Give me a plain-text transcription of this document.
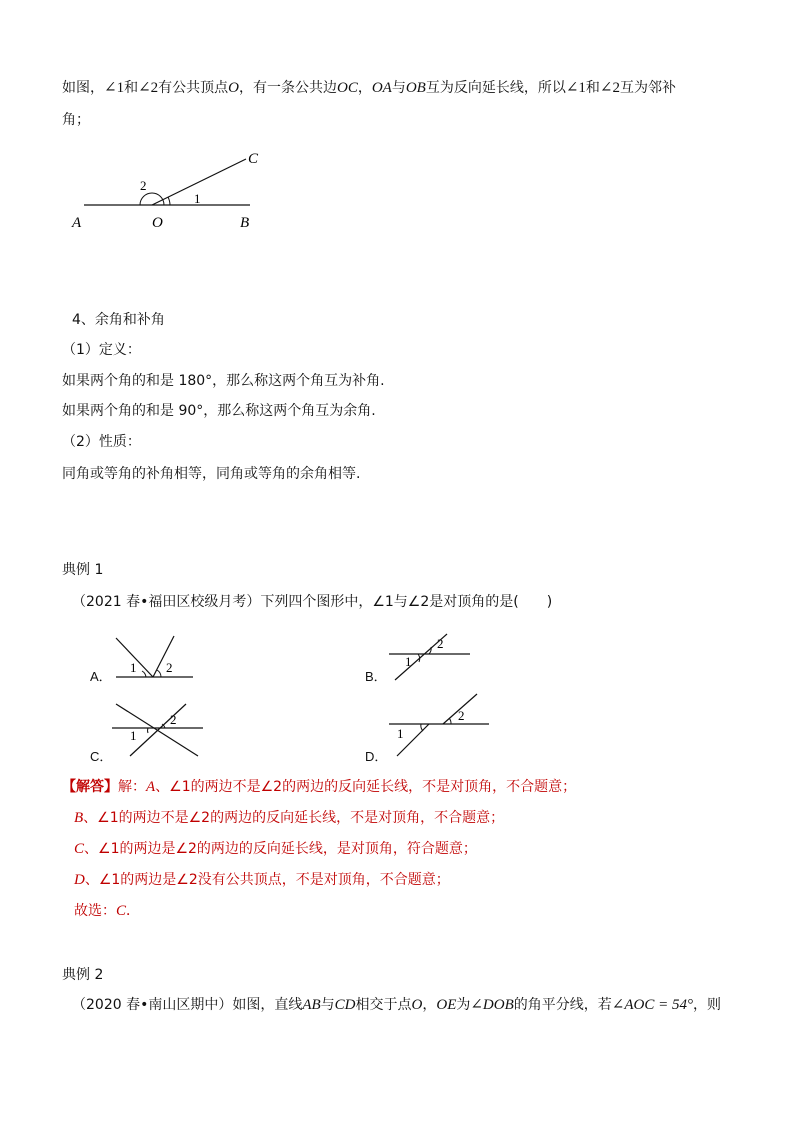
如图，∠1和∠2有公共顶点O，有一条公共边OC，OA与OB互为反向延长线，所以∠1和∠2互为邻补
角；
A	O	B
C
2
1
4、余角和补角
（1）定义：
如果两个角的和是 180°，那么称这两个角互为补角.
如果两个角的和是 90°，那么称这两个角互为余角.
（2）性质：
同角或等角的补角相等，同角或等角的余角相等.
典例 1
（2021 春•福田区校级月考）下列四个图形中，∠1与∠2是对顶角的是(　　)
A．
1 2
B．
1
2
C．
1
2
D．
1
2
【解答】解：A、∠1的两边不是∠2的两边的反向延长线，不是对顶角，不合题意；
B、∠1的两边不是∠2的两边的反向延长线，不是对顶角，不合题意；
C、∠1的两边是∠2的两边的反向延长线，是对顶角，符合题意；
D、∠1的两边是∠2没有公共顶点，不是对顶角，不合题意；
故选：C．
典例 2
（2020 春•南山区期中）如图，直线AB与CD相交于点O，OE为∠DOB的角平分线，若∠AOC = 54°，则
